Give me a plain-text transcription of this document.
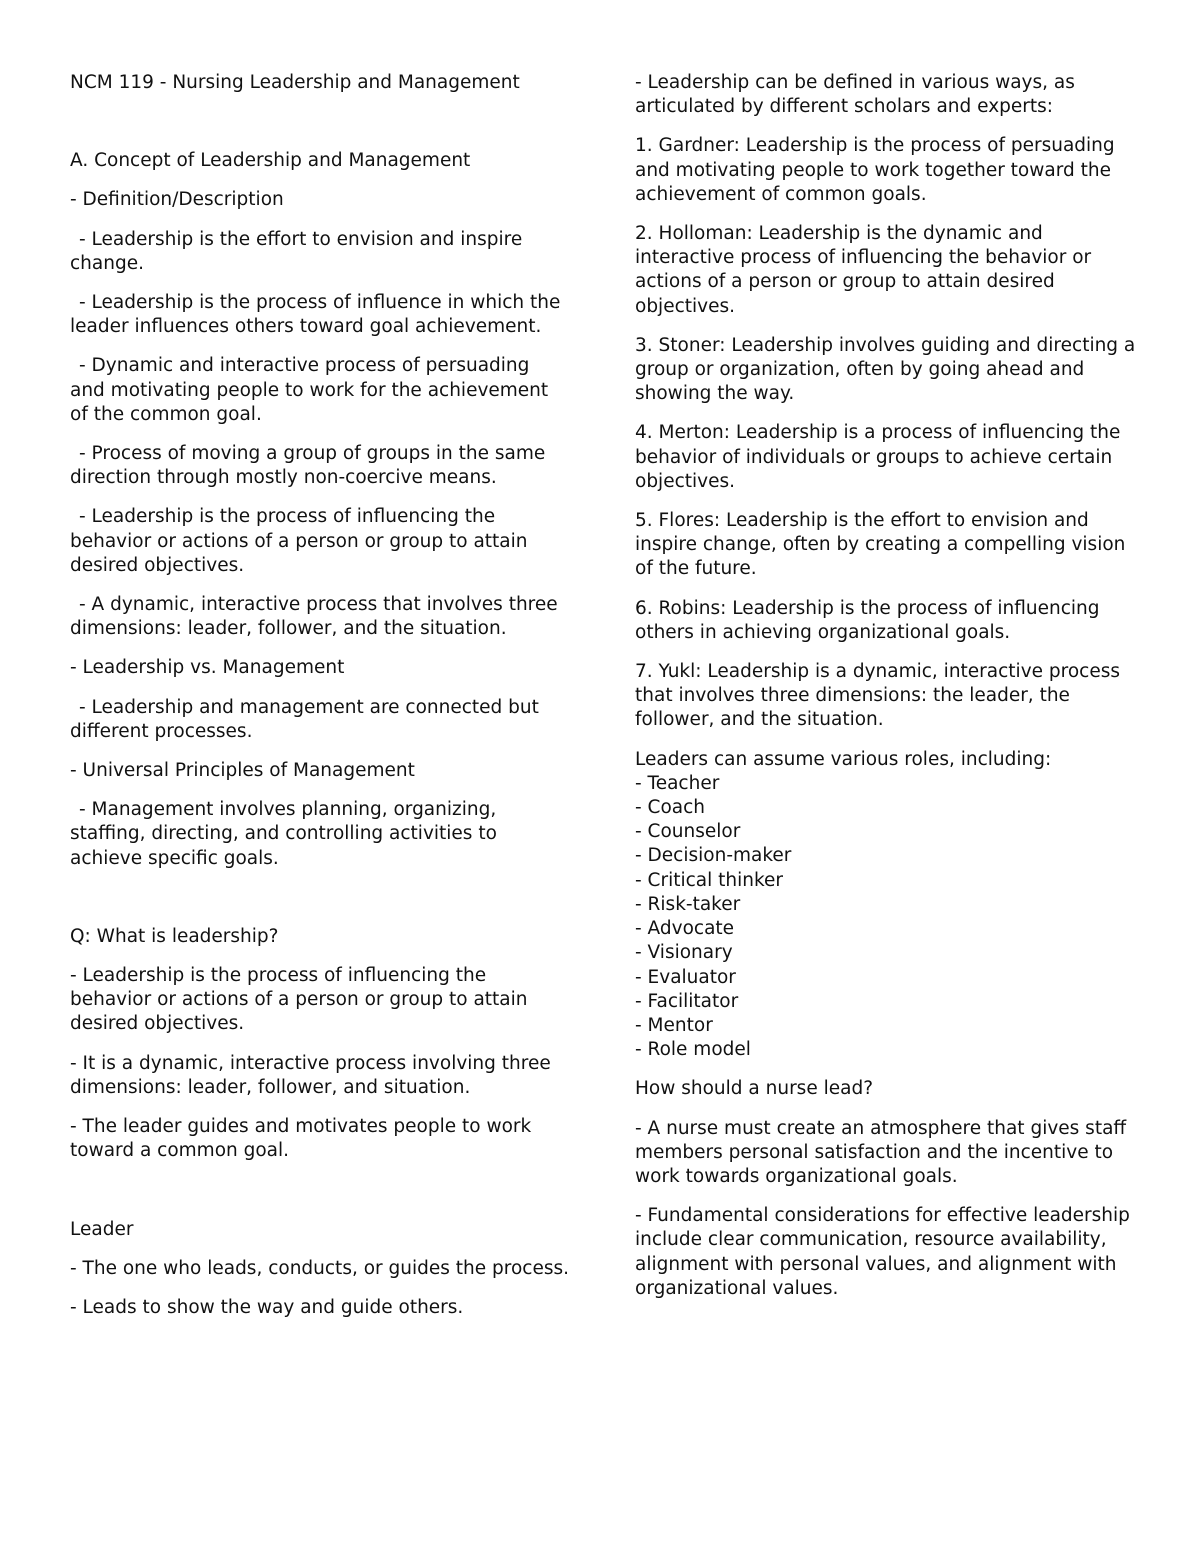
NCM 119 - Nursing Leadership and Management

A. Concept of Leadership and Management

- Definition/Description

- Leadership is the effort to envision and inspire change.

- Leadership is the process of influence in which the leader influences others toward goal achievement.

- Dynamic and interactive process of persuading and motivating people to work for the achievement of the common goal.

- Process of moving a group of groups in the same direction through mostly non-coercive means.

- Leadership is the process of influencing the behavior or actions of a person or group to attain desired objectives.

- A dynamic, interactive process that involves three dimensions: leader, follower, and the situation.

- Leadership vs. Management

- Leadership and management are connected but different processes.

- Universal Principles of Management

- Management involves planning, organizing, staffing, directing, and controlling activities to achieve specific goals.

Q: What is leadership?

- Leadership is the process of influencing the behavior or actions of a person or group to attain desired objectives.

- It is a dynamic, interactive process involving three dimensions: leader, follower, and situation.

- The leader guides and motivates people to work toward a common goal.

Leader

- The one who leads, conducts, or guides the process.

- Leads to show the way and guide others.

- Leadership can be defined in various ways, as articulated by different scholars and experts:

1. Gardner: Leadership is the process of persuading and motivating people to work together toward the achievement of common goals.

2. Holloman: Leadership is the dynamic and interactive process of influencing the behavior or actions of a person or group to attain desired objectives.

3. Stoner: Leadership involves guiding and directing a group or organization, often by going ahead and showing the way.

4. Merton: Leadership is a process of influencing the behavior of individuals or groups to achieve certain objectives.

5. Flores: Leadership is the effort to envision and inspire change, often by creating a compelling vision of the future.

6. Robins: Leadership is the process of influencing others in achieving organizational goals.

7. Yukl: Leadership is a dynamic, interactive process that involves three dimensions: the leader, the follower, and the situation.

Leaders can assume various roles, including:

- Teacher
- Coach
- Counselor
- Decision-maker
- Critical thinker
- Risk-taker
- Advocate
- Visionary
- Evaluator
- Facilitator
- Mentor
- Role model

How should a nurse lead?

- A nurse must create an atmosphere that gives staff members personal satisfaction and the incentive to work towards organizational goals.

- Fundamental considerations for effective leadership include clear communication, resource availability, alignment with personal values, and alignment with organizational values.
